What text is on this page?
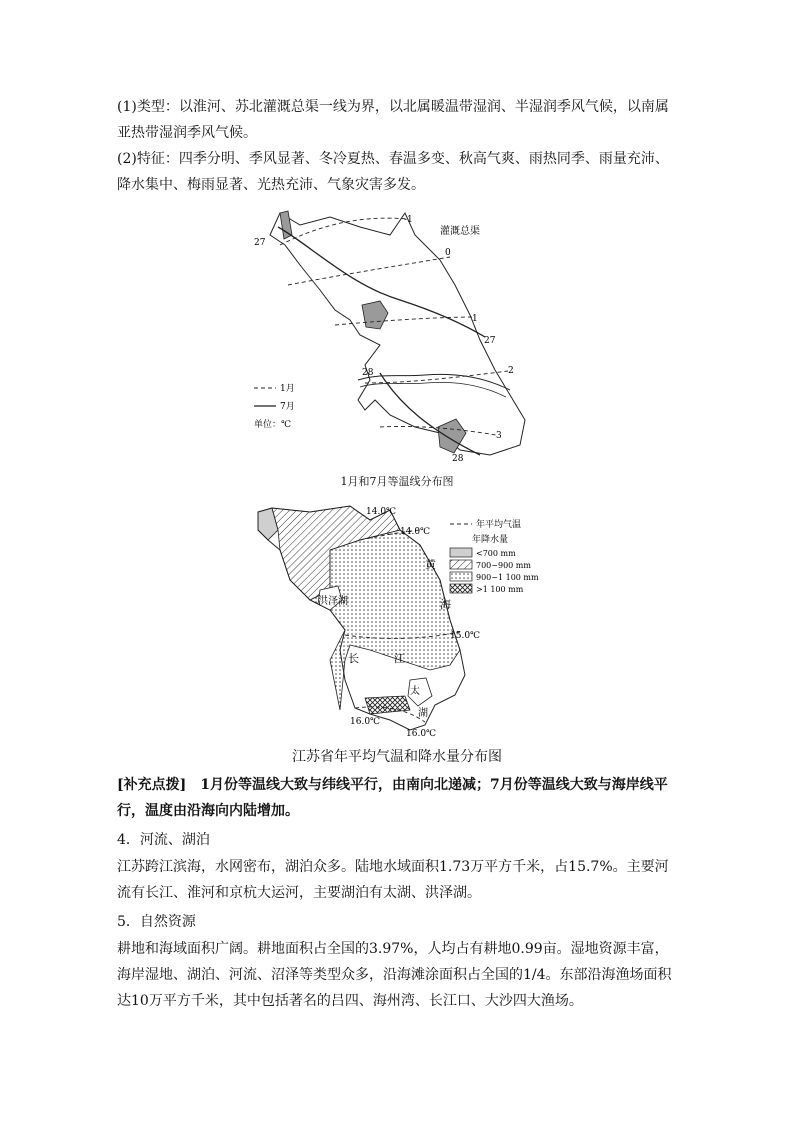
(1)类型：以淮河、苏北灌溉总渠一线为界，以北属暖温带湿润、半湿润季风气候，以南属亚热带湿润季风气候。
(2)特征：四季分明、季风显著、冬冷夏热、春温多变、秋高气爽、雨热同季、雨量充沛、降水集中、梅雨显著、光热充沛、气象灾害多发。
27
-1
灌溉总渠
0
1
27
2
28
3
28
1月
7月
单位：℃
1月和7月等温线分布图
14.0℃
14.0℃
15.0℃
16.0℃
16.0℃
洪泽湖
黄
海
长	江
太
湖
年平均气温
年降水量
<700 mm
700~900 mm
900~1 100 mm
>1 100 mm
江苏省年平均气温和降水量分布图
[补充点拨]　1月份等温线大致与纬线平行，由南向北递减；7月份等温线大致与海岸线平行，温度由沿海向内陆增加。
4．河流、湖泊
江苏跨江滨海，水网密布，湖泊众多。陆地水域面积1.73万平方千米，占15.7%。主要河流有长江、淮河和京杭大运河，主要湖泊有太湖、洪泽湖。
5．自然资源
耕地和海域面积广阔。耕地面积占全国的3.97%，人均占有耕地0.99亩。湿地资源丰富，海岸湿地、湖泊、河流、沼泽等类型众多，沿海滩涂面积占全国的1/4。东部沿海渔场面积达10万平方千米，其中包括著名的吕四、海州湾、长江口、大沙四大渔场。
